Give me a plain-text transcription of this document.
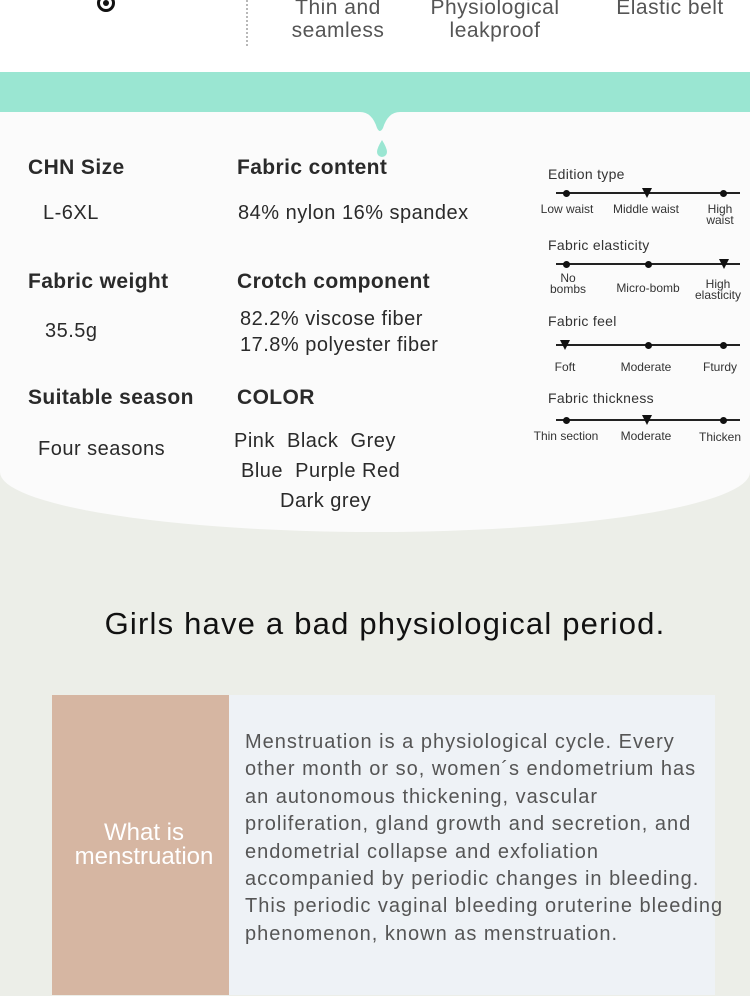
Thin and seamless
Physiological leakproof
Elastic belt
CHN Size
L-6XL
Fabric content
84% nylon 16% spandex
Fabric weight
35.5g
Crotch component
82.2% viscose fiber
17.8% polyester fiber
Suitable season
Four seasons
COLOR
Pink  Black  Grey
Blue  Purple Red
Dark grey
Edition type
Low waist	Middle waist	High waist
Fabric elasticity
No bombs	Micro-bomb	High elasticity
Fabric feel
Foft	Moderate	Fturdy
Fabric thickness
Thin section	Moderate	Thicken
Girls have a bad physiological period.
What is menstruation
Menstruation is a physiological cycle. Every other month or so, women´s endometrium has an autonomous thickening, vascular proliferation, gland growth and secretion, and endometrial collapse and exfoliation accompanied by periodic changes in bleeding. This periodic vaginal bleeding oruterine bleeding phenomenon, known as menstruation.
